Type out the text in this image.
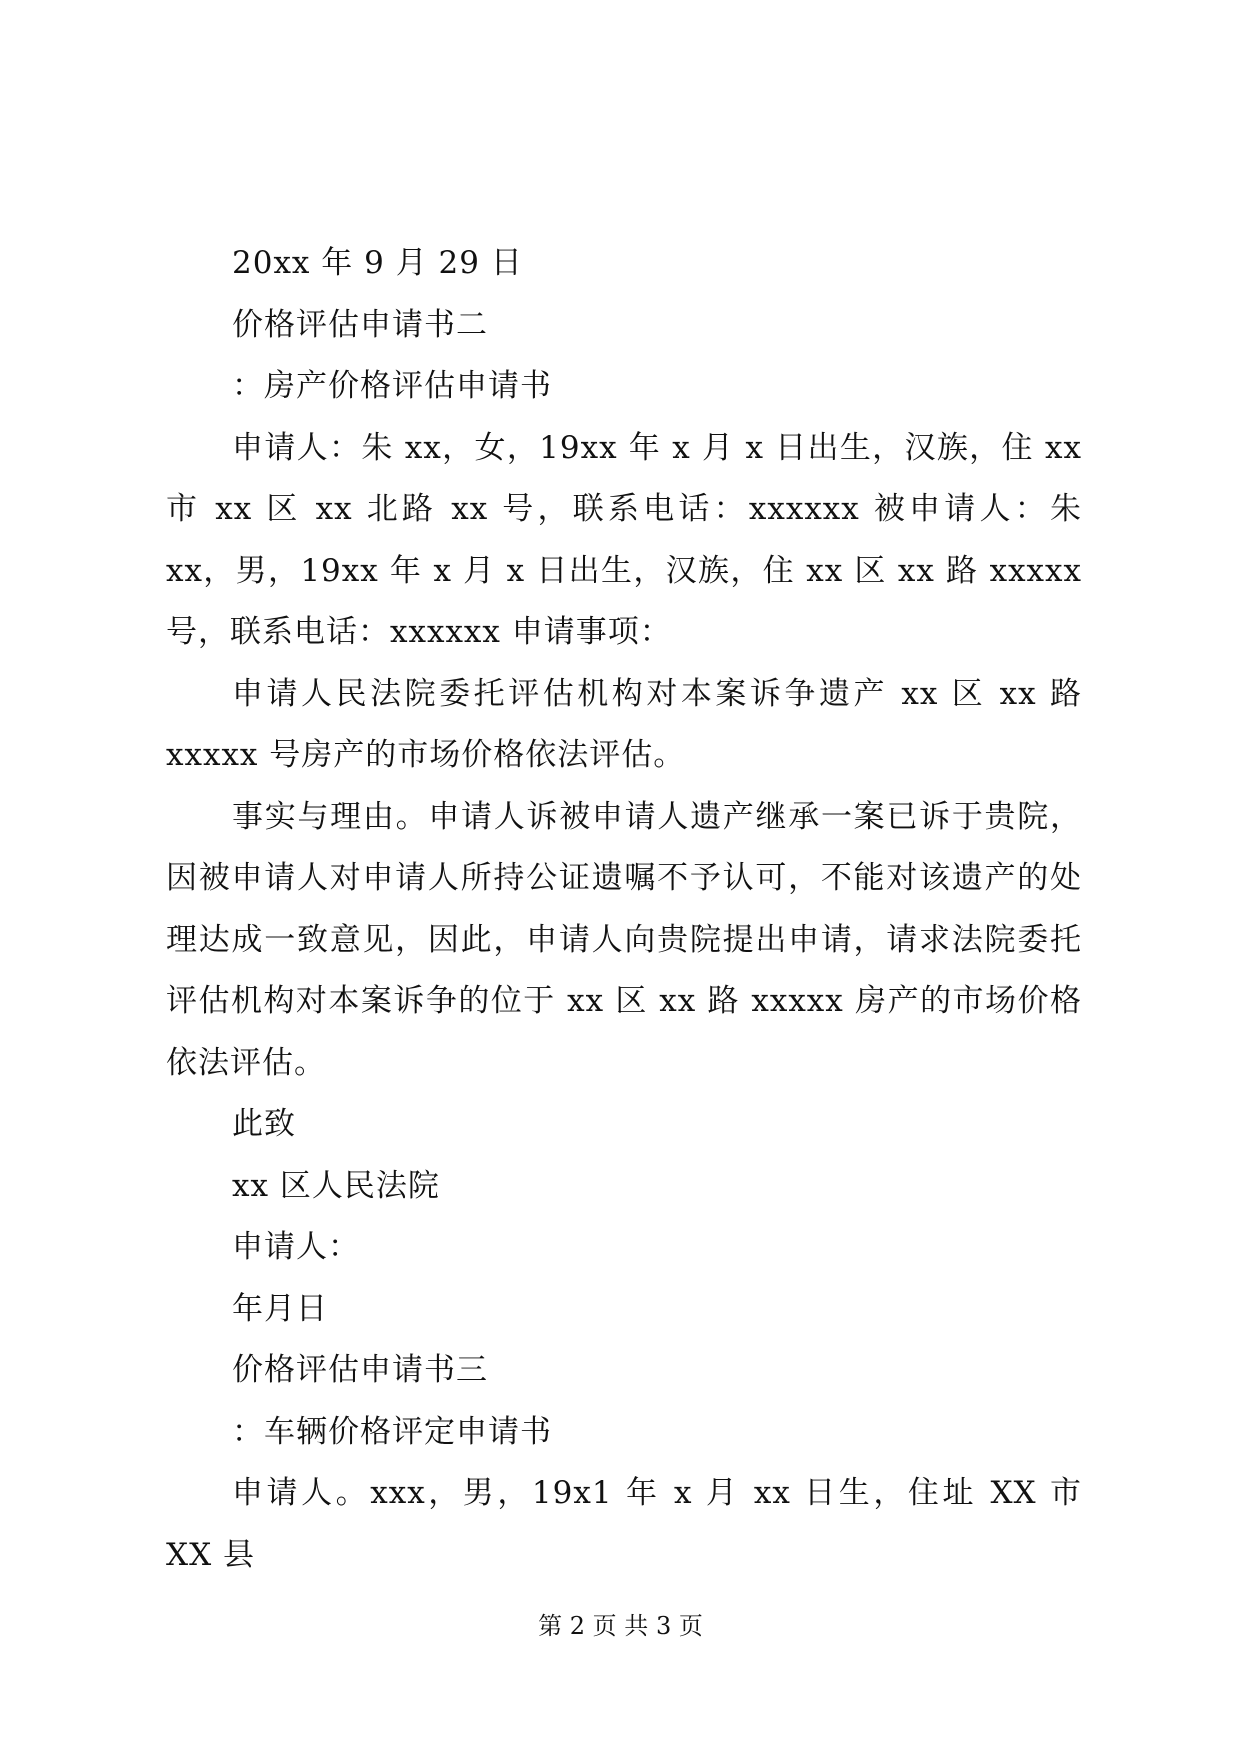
20xx 年 9 月 29 日

价格评估申请书二

：房产价格评估申请书

申请人：朱 xx，女，19xx 年 x 月 x 日出生，汉族，住 xx 市 xx 区 xx 北路 xx 号，联系电话：xxxxxx 被申请人：朱 xx，男，19xx 年 x 月 x 日出生，汉族，住 xx 区 xx 路 xxxxx 号，联系电话：xxxxxx 申请事项：

申请人民法院委托评估机构对本案诉争遗产 xx 区 xx 路 xxxxx 号房产的市场价格依法评估。

事实与理由。申请人诉被申请人遗产继承一案已诉于贵院，因被申请人对申请人所持公证遗嘱不予认可，不能对该遗产的处理达成一致意见，因此，申请人向贵院提出申请，请求法院委托评估机构对本案诉争的位于 xx 区 xx 路 xxxxx 房产的市场价格依法评估。

此致

xx 区人民法院

申请人：

年月日

价格评估申请书三

：车辆价格评定申请书

申请人。xxx，男，19x1 年 x 月 xx 日生，住址 XX 市 XX 县

第 2 页 共 3 页
